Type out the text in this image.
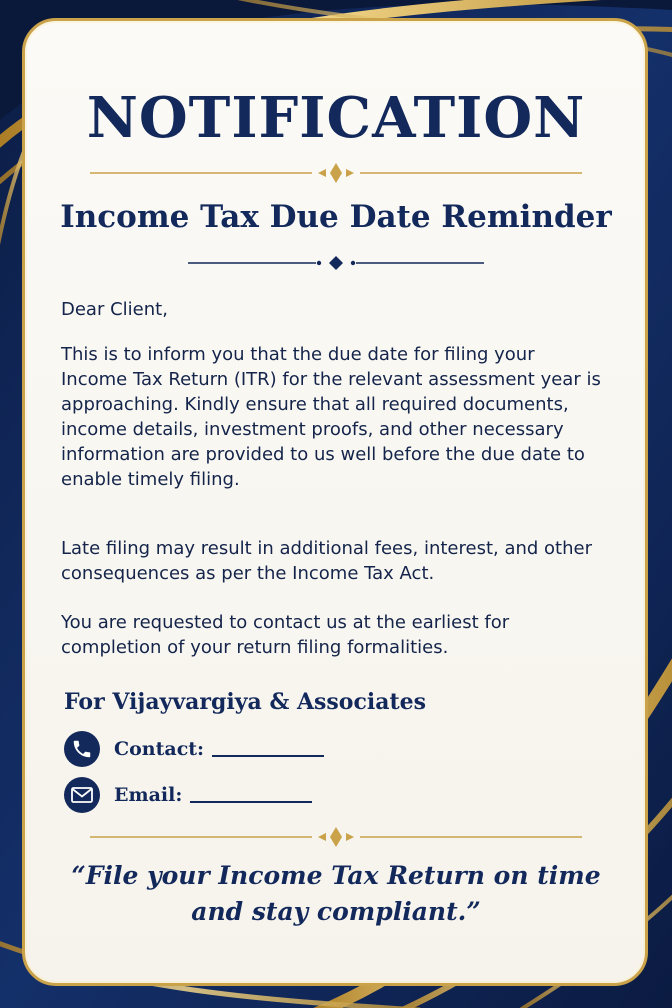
NOTIFICATION
Income Tax Due Date Reminder

Dear Client,

This is to inform you that the due date for filing your Income Tax Return (ITR) for the relevant assessment year is approaching. Kindly ensure that all required documents, income details, investment proofs, and other necessary information are provided to us well before the due date to enable timely filing.

Late filing may result in additional fees, interest, and other consequences as per the Income Tax Act.

You are requested to contact us at the earliest for completion of your return filing formalities.

For Vijayvargiya & Associates

Contact:
Email:

“File your Income Tax Return on time
and stay compliant.”
